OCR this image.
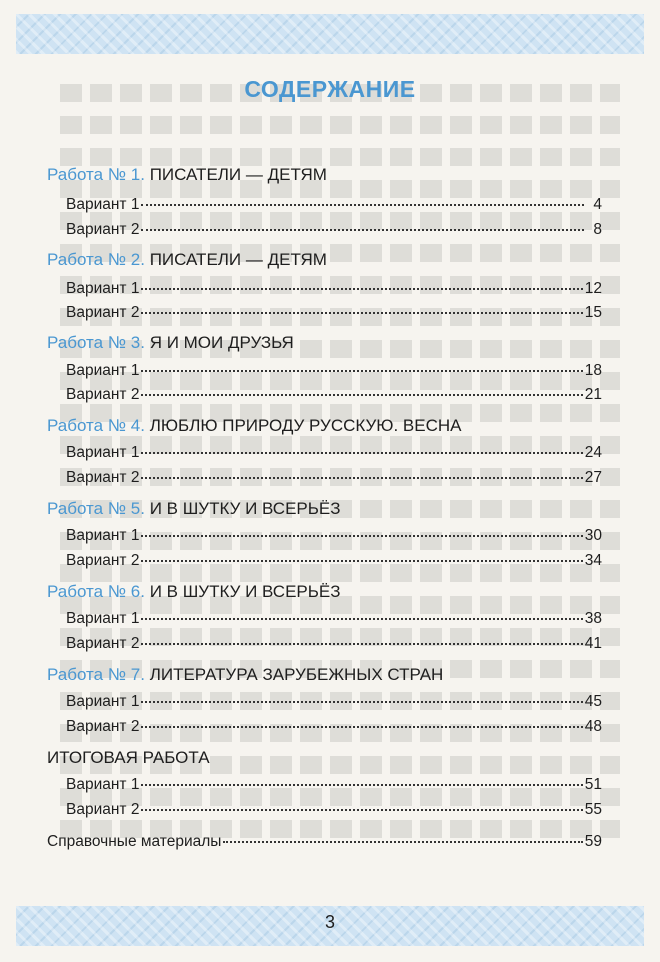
СОДЕРЖАНИЕ
Работа № 1. ПИСАТЕЛИ — ДЕТЯМ
Вариант 1	4
Вариант 2	8
Работа № 2. ПИСАТЕЛИ — ДЕТЯМ
Вариант 1	12
Вариант 2	15
Работа № 3. Я И МОИ ДРУЗЬЯ
Вариант 1	18
Вариант 2	21
Работа № 4. ЛЮБЛЮ ПРИРОДУ РУССКУЮ. ВЕСНА
Вариант 1	24
Вариант 2	27
Работа № 5. И В ШУТКУ И ВСЕРЬЁЗ
Вариант 1	30
Вариант 2	34
Работа № 6. И В ШУТКУ И ВСЕРЬЁЗ
Вариант 1	38
Вариант 2	41
Работа № 7. ЛИТЕРАТУРА ЗАРУБЕЖНЫХ СТРАН
Вариант 1	45
Вариант 2	48
ИТОГОВАЯ РАБОТА
Вариант 1	51
Вариант 2	55
Справочные материалы	59
3
